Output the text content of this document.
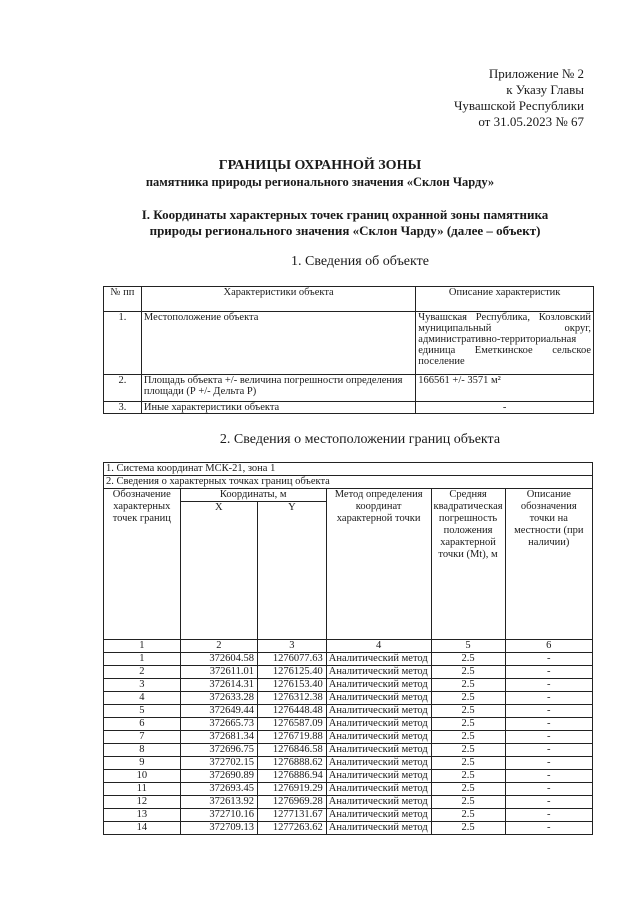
Приложение № 2
к Указу Главы
Чувашской Республики
от 31.05.2023 № 67
ГРАНИЦЫ ОХРАННОЙ ЗОНЫ
памятника природы регионального значения «Склон Чарду»
I. Координаты характерных точек границ охранной зоны памятника
природы регионального значения «Склон Чарду» (далее – объект)
1. Сведения об объекте
№ пп	Характеристики объекта	Описание характеристик
1.	Местоположение объекта	Чувашская Республика, Козловский муниципальный округ, административно-территориальная единица Еметкинское сельское поселение
2.	Площадь объекта +/- величина погрешности определения площади (Р +/- Дельта Р)	166561 +/- 3571 м²
3.	Иные характеристики объекта	-
2. Сведения о местоположении границ объекта
1. Система координат МСК-21, зона 1					
2. Сведения о характерных точках границ объекта					
Обозначение характерных точек границ	Координаты, м		Метод определения координат характерной точки	Средняя квадратическая погрешность положения характерной точки (Mt), м	Описание обозначения точки на местности (при наличии)
	X	Y			
1	2	3	4	5	6
1	372604.58	1276077.63	Аналитический метод	2.5	-
2	372611.01	1276125.40	Аналитический метод	2.5	-
3	372614.31	1276153.40	Аналитический метод	2.5	-
4	372633.28	1276312.38	Аналитический метод	2.5	-
5	372649.44	1276448.48	Аналитический метод	2.5	-
6	372665.73	1276587.09	Аналитический метод	2.5	-
7	372681.34	1276719.88	Аналитический метод	2.5	-
8	372696.75	1276846.58	Аналитический метод	2.5	-
9	372702.15	1276888.62	Аналитический метод	2.5	-
10	372690.89	1276886.94	Аналитический метод	2.5	-
11	372693.45	1276919.29	Аналитический метод	2.5	-
12	372613.92	1276969.28	Аналитический метод	2.5	-
13	372710.16	1277131.67	Аналитический метод	2.5	-
14	372709.13	1277263.62	Аналитический метод	2.5	-
